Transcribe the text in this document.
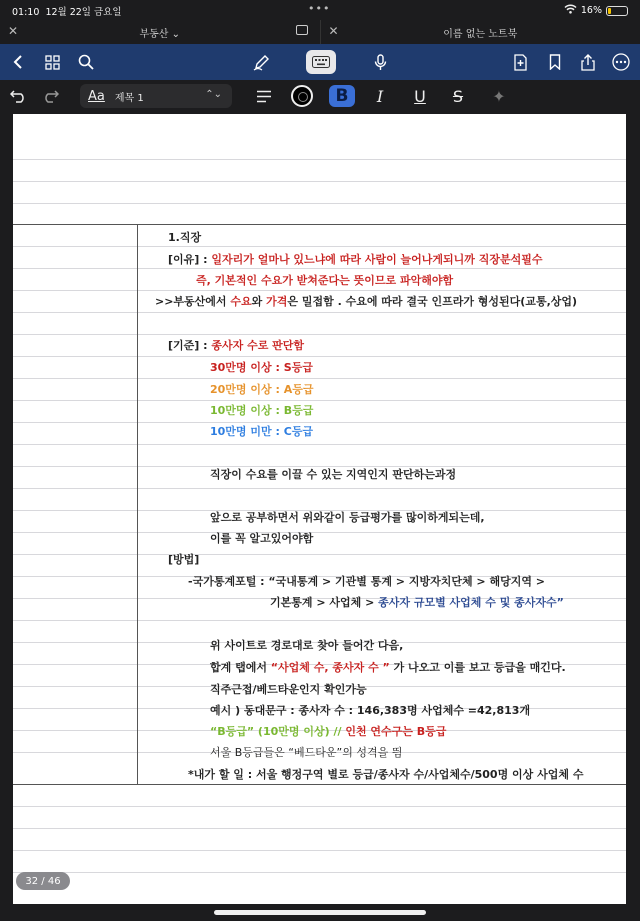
01:10 12월 22일 금요일	•••	16%
✕	부동산 ⌄	✕	이름 없는 노트북
Aa 제목 1	⌃⌄	B	I	U	S	✦
1.직장
[이유] : 일자리가 얼마나 있느냐에 따라 사람이 늘어나게되니까 직장분석필수
즉, 기본적인 수요가 받쳐준다는 뜻이므로 파악해야함
>>부동산에서 수요와 가격은 밀접함 . 수요에 따라 결국 인프라가 형성된다(교통,상업)
[기준] : 종사자 수로 판단함
30만명 이상 : S등급
20만명 이상 : A등급
10만명 이상 : B등급
10만명 미만 : C등급
직장이 수요를 이끌 수 있는 지역인지 판단하는과정
앞으로 공부하면서 위와같이 등급평가를 많이하게되는데,
이를 꼭 알고있어야함
[방법]
-국가통계포털 : “국내통계 > 기관별 통계 > 지방자치단체 > 해당지역 >
기본통계 > 사업체 > 종사자 규모별 사업체 수 및 종사자수”
위 사이트로 경로대로 찾아 들어간 다음,
합계 탭에서 “사업체 수, 종사자 수 ” 가 나오고 이를 보고 등급을 매긴다.
직주근접/베드타운인지 확인가능
예시 ) 동대문구 : 종사자 수 : 146,383명 사업체수 =42,813개
“B등급” (10만명 이상) // 인천 연수구는 B등급
서울 B등급들은 “베드타운”의 성격을 띔
*내가 할 일 : 서울 행정구역 별로 등급/종사자 수/사업체수/500명 이상 사업체 수
32 / 46
